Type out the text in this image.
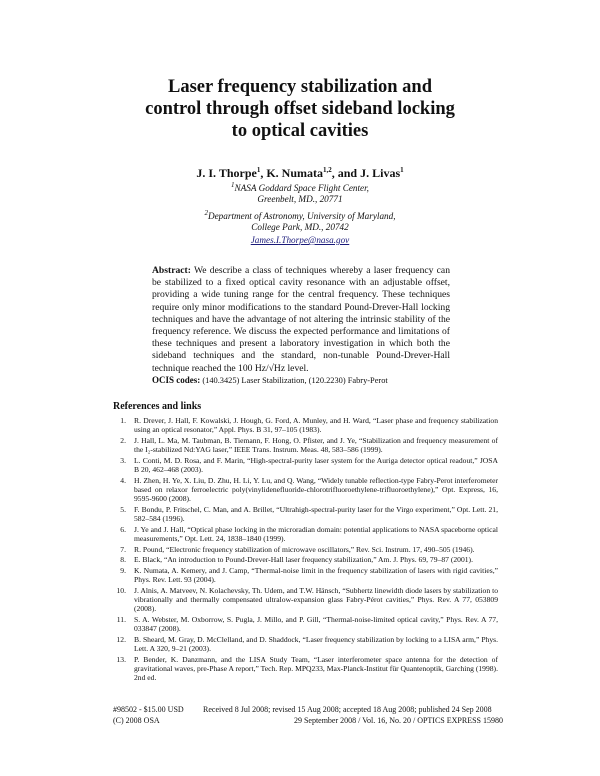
Laser frequency stabilization and
control through offset sideband locking
to optical cavities
J. I. Thorpe$^1$, K. Numata$^{1,2}$, and J. Livas$^1$
$^1$NASA Goddard Space Flight Center,
Greenbelt, MD., 20771
$^2$Department of Astronomy, University of Maryland,
College Park, MD., 20742
James.I.Thorpe@nasa.gov
Abstract: We describe a class of techniques whereby a laser frequency can be stabilized to a fixed optical cavity resonance with an adjustable offset, providing a wide tuning range for the central frequency. These techniques require only minor modifications to the standard Pound-Drever-Hall locking techniques and have the advantage of not altering the intrinsic stability of the frequency reference. We discuss the expected performance and limitations of these techniques and present a laboratory investigation in which both the sideband techniques and the standard, non-tunable Pound-Drever-Hall technique reached the 100 Hz/√Hz level.
OCIS codes: (140.3425) Laser Stabilization, (120.2230) Fabry-Perot
References and links
1. R. Drever, J. Hall, F. Kowalski, J. Hough, G. Ford, A. Munley, and H. Ward, “Laser phase and frequency stabilization using an optical resonator,” Appl. Phys. B 31, 97–105 (1983).
2. J. Hall, L. Ma, M. Taubman, B. Tiemann, F. Hong, O. Pfister, and J. Ye, “Stabilization and frequency measurement of the I₂-stabilized Nd:YAG laser,” IEEE Trans. Instrum. Meas. 48, 583–586 (1999).
3. L. Conti, M. D. Rosa, and F. Marin, “High-spectral-purity laser system for the Auriga detector optical readout,” JOSA B 20, 462–468 (2003).
4. H. Zhen, H. Ye, X. Liu, D. Zhu, H. Li, Y. Lu, and Q. Wang, “Widely tunable reflection-type Fabry-Perot interferometer based on relaxor ferroelectric poly(vinylidenefluoride-chlorotrifluoroethylene-trifluoroethylene),” Opt. Express, 16, 9595-9600 (2008).
5. F. Bondu, P. Fritschel, C. Man, and A. Brillet, “Ultrahigh-spectral-purity laser for the Virgo experiment,” Opt. Lett. 21, 582–584 (1996).
6. J. Ye and J. Hall, “Optical phase locking in the microradian domain: potential applications to NASA spaceborne optical measurements,” Opt. Lett. 24, 1838–1840 (1999).
7. R. Pound, “Electronic frequency stabilization of microwave oscillators,” Rev. Sci. Instrum. 17, 490–505 (1946).
8. E. Black, “An introduction to Pound-Drever-Hall laser frequency stabilization,” Am. J. Phys. 69, 79–87 (2001).
9. K. Numata, A. Kemery, and J. Camp, “Thermal-noise limit in the frequency stabilization of lasers with rigid cavities,” Phys. Rev. Lett. 93 (2004).
10. J. Alnis, A. Matveev, N. Kolachevsky, Th. Udem, and T.W. Hänsch, “Subhertz linewidth diode lasers by stabilization to vibrationally and thermally compensated ultralow-expansion glass Fabry-Pérot cavities,” Phys. Rev. A 77, 053809 (2008).
11. S. A. Webster, M. Oxborrow, S. Pugla, J. Millo, and P. Gill, “Thermal-noise-limited optical cavity,” Phys. Rev. A 77, 033847 (2008).
12. B. Sheard, M. Gray, D. McClelland, and D. Shaddock, “Laser frequency stabilization by locking to a LISA arm,” Phys. Lett. A 320, 9–21 (2003).
13. P. Bender, K. Danzmann, and the LISA Study Team, “Laser interferometer space antenna for the detection of gravitational waves, pre-Phase A report,” Tech. Rep. MPQ233, Max-Planck-Institut für Quantenoptik, Garching (1998). 2nd ed.
#98502 - $15.00 USD Received 8 Jul 2008; revised 15 Aug 2008; accepted 18 Aug 2008; published 24 Sep 2008
(C) 2008 OSA	29 September 2008 / Vol. 16, No. 20 / OPTICS EXPRESS 15980
